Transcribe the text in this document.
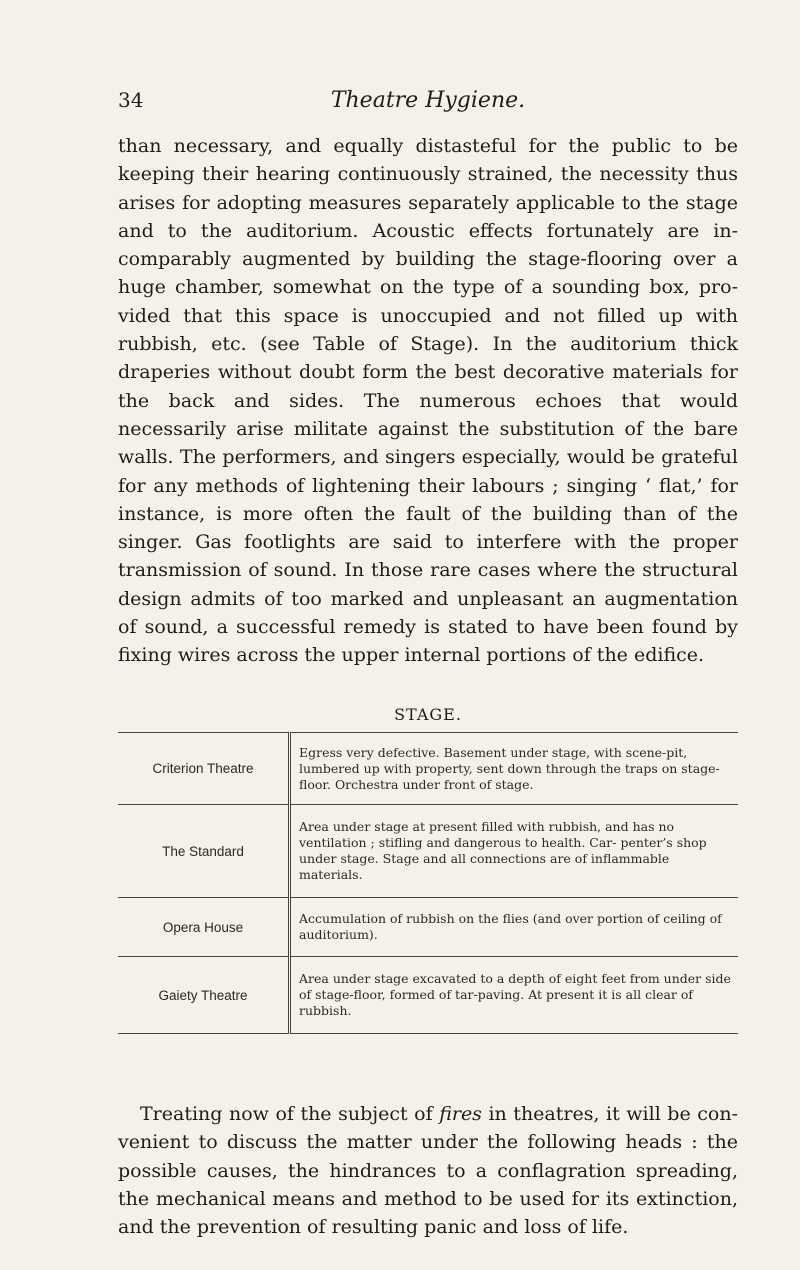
34	Theatre Hygiene.

than necessary, and equally distasteful for the public to be keeping their hearing continuously strained, the necessity thus arises for adopting measures separately applicable to the stage and to the auditorium. Acoustic effects fortunately are in- comparably augmented by building the stage-flooring over a huge chamber, somewhat on the type of a sounding box, pro- vided that this space is unoccupied and not filled up with rubbish, etc. (see Table of Stage). In the auditorium thick draperies without doubt form the best decorative materials for the back and sides. The numerous echoes that would necessarily arise militate against the substitution of the bare walls. The performers, and singers especially, would be grateful for any methods of lightening their labours ; singing ‘ flat,’ for instance, is more often the fault of the building than of the singer. Gas footlights are said to interfere with the proper transmission of sound. In those rare cases where the structural design admits of too marked and unpleasant an augmentation of sound, a successful remedy is stated to have been found by fixing wires across the upper internal portions of the edifice.

STAGE.
Criterion Theatre	Egress very defective. Basement under stage, with scene-pit, lumbered up with property, sent down through the traps on stage-floor. Orchestra under front of stage.
The Standard	Area under stage at present filled with rubbish, and has no ventilation ; stifling and dangerous to health. Car- penter’s shop under stage. Stage and all connections are of inflammable materials.
Opera House	Accumulation of rubbish on the flies (and over portion of ceiling of auditorium).
Gaiety Theatre	Area under stage excavated to a depth of eight feet from under side of stage-floor, formed of tar-paving. At present it is all clear of rubbish.

Treating now of the subject of fires in theatres, it will be con- venient to discuss the matter under the following heads : the possible causes, the hindrances to a conflagration spreading, the mechanical means and method to be used for its extinction, and the prevention of resulting panic and loss of life.
